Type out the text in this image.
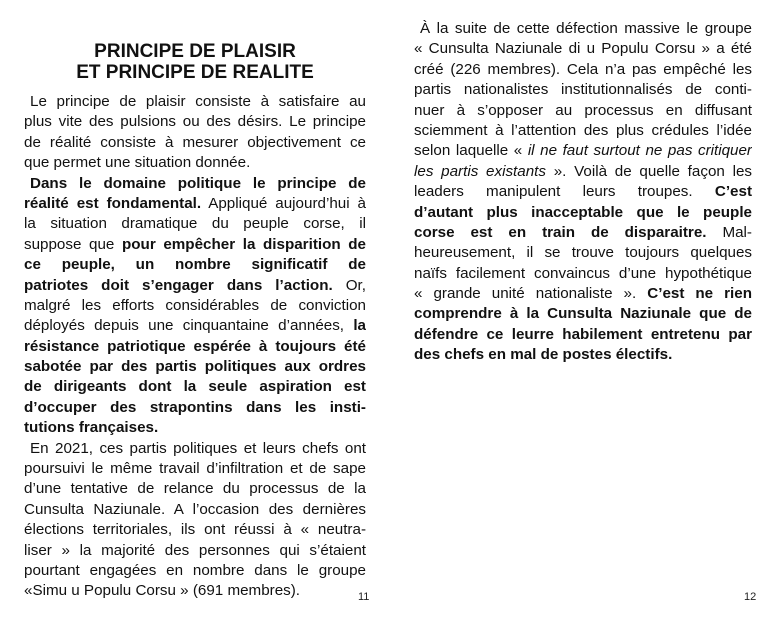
PRINCIPE DE PLAISIR
ET PRINCIPE DE REALITE
Le principe de plaisir consiste à satisfaire au
plus vite des pulsions ou des désirs. Le principe
de réalité consiste à mesurer objectivement ce
que permet une situation donnée.
Dans le domaine politique le principe de
réalité est fondamental. Appliqué aujourd’hui à
la situation dramatique du peuple corse, il
suppose que pour empêcher la disparition de
ce peuple, un nombre significatif de
patriotes doit s’engager dans l’action. Or,
malgré les efforts considérables de conviction
déployés depuis une cinquantaine d’années, la
résistance patriotique espérée à toujours été
sabotée par des partis politiques aux ordres
de dirigeants dont la seule aspiration est
d’occuper des strapontins dans les insti-
tutions françaises.
En 2021, ces partis politiques et leurs chefs ont
poursuivi le même travail d’infiltration et de sape
d’une tentative de relance du processus de la
Cunsulta Naziunale. A l’occasion des dernières
élections territoriales, ils ont réussi à « neutra-
liser » la majorité des personnes qui s’étaient
pourtant engagées en nombre dans le groupe
«Simu u Populu Corsu » (691 membres).	11
À la suite de cette défection massive le groupe
« Cunsulta Naziunale di u Populu Corsu » a été
créé (226 membres). Cela n’a pas empêché les
partis nationalistes institutionnalisés de conti-
nuer à s’opposer au processus en diffusant
sciemment à l’attention des plus crédules l’idée
selon laquelle « il ne faut surtout ne pas critiquer
les partis existants ». Voilà de quelle façon les
leaders manipulent leurs troupes. C’est
d’autant plus inacceptable que le peuple
corse est en train de disparaitre. Mal-
heureusement, il se trouve toujours quelques
naïfs facilement convaincus d’une hypothétique
« grande unité nationaliste ». C’est ne rien
comprendre à la Cunsulta Naziunale que de
défendre ce leurre habilement entretenu par
des chefs en mal de postes électifs.
12
